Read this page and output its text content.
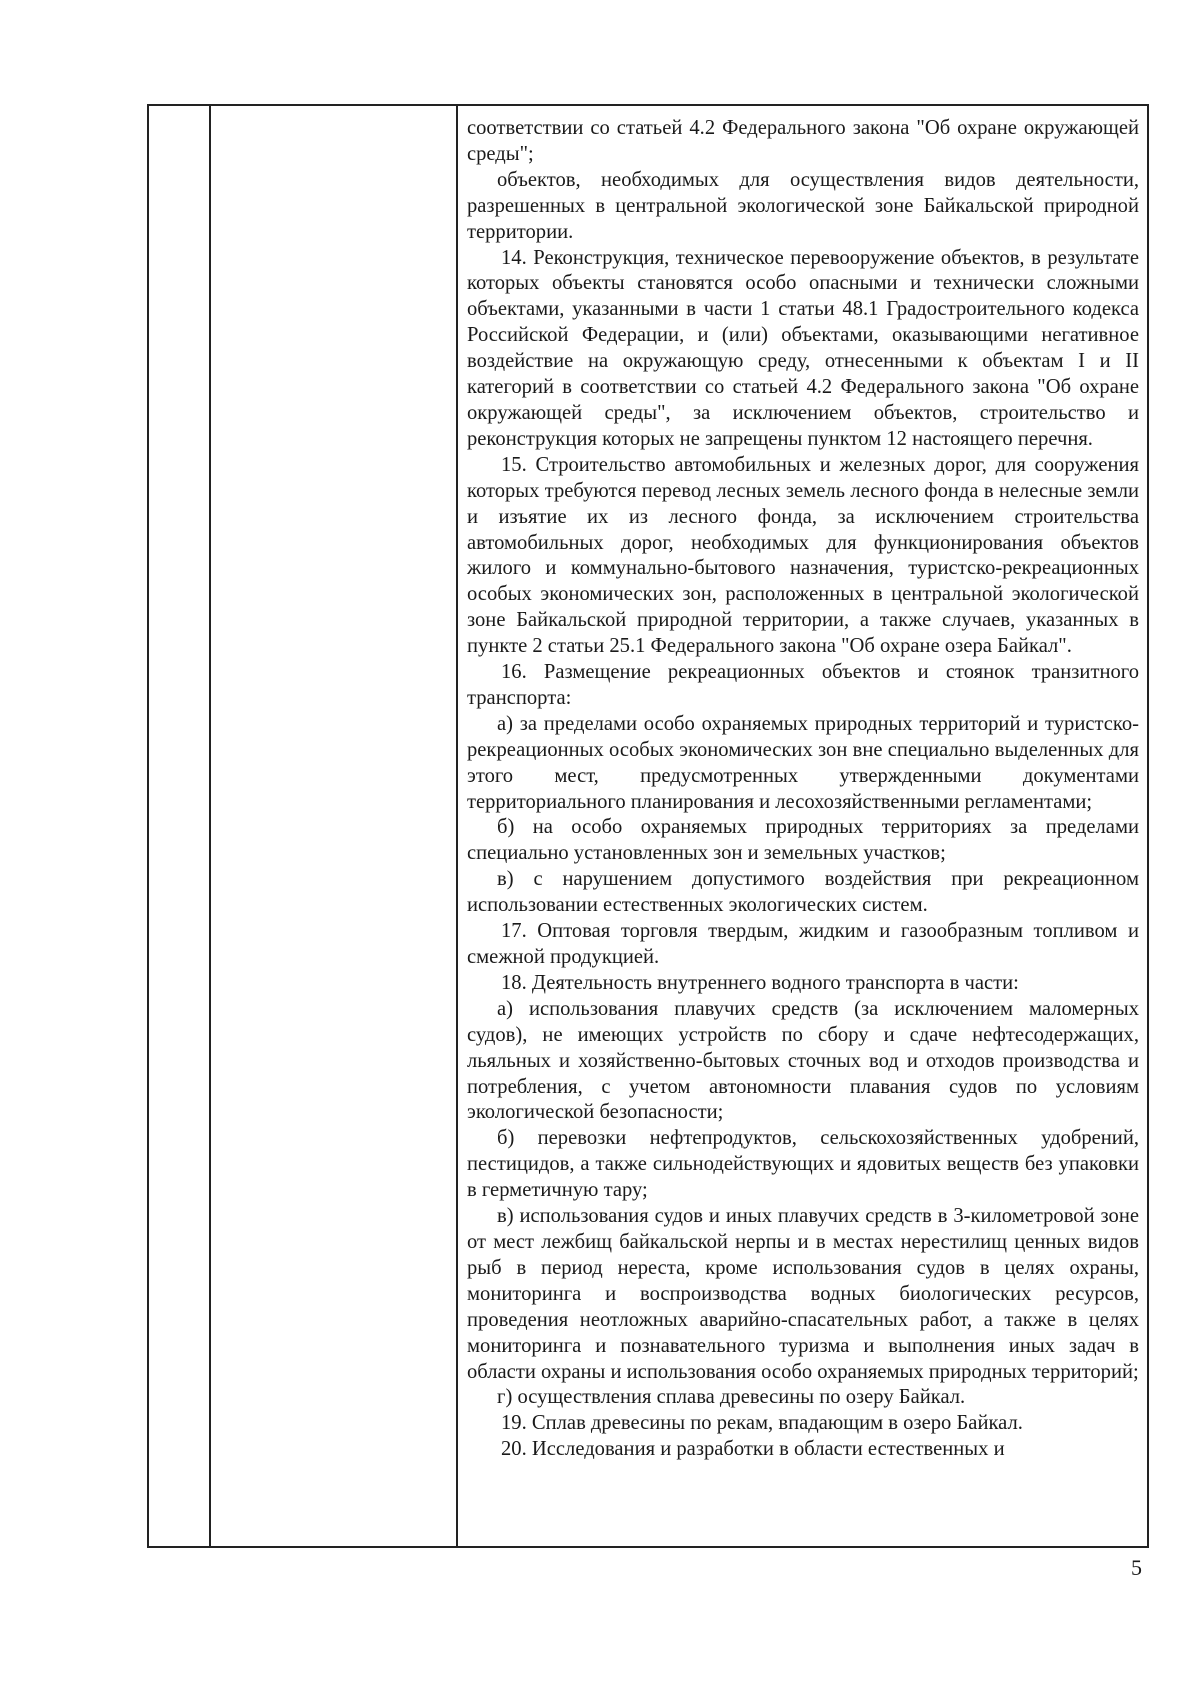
соответствии со статьей 4.2 Федерального закона "Об охране окружающей среды";

объектов, необходимых для осуществления видов деятельности, разрешенных в центральной экологической зоне Байкальской природной территории.

14. Реконструкция, техническое перевооружение объектов, в результате которых объекты становятся особо опасными и технически сложными объектами, указанными в части 1 статьи 48.1 Градостроительного кодекса Российской Федерации, и (или) объектами, оказывающими негативное воздействие на окружающую среду, отнесенными к объектам I и II категорий в соответствии со статьей 4.2 Федерального закона "Об охране окружающей среды", за исключением объектов, строительство и реконструкция которых не запрещены пунктом 12 настоящего перечня.

15. Строительство автомобильных и железных дорог, для сооружения которых требуются перевод лесных земель лесного фонда в нелесные земли и изъятие их из лесного фонда, за исключением строительства автомобильных дорог, необходимых для функционирования объектов жилого и коммунально-бытового назначения, туристско-рекреационных особых экономических зон, расположенных в центральной экологической зоне Байкальской природной территории, а также случаев, указанных в пункте 2 статьи 25.1 Федерального закона "Об охране озера Байкал".

16. Размещение рекреационных объектов и стоянок транзитного транспорта:

а) за пределами особо охраняемых природных территорий и туристско-рекреационных особых экономических зон вне специально выделенных для этого мест, предусмотренных утвержденными документами территориального планирования и лесохозяйственными регламентами;

б) на особо охраняемых природных территориях за пределами специально установленных зон и земельных участков;

в) с нарушением допустимого воздействия при рекреационном использовании естественных экологических систем.

17. Оптовая торговля твердым, жидким и газообразным топливом и смежной продукцией.

18. Деятельность внутреннего водного транспорта в части:

а) использования плавучих средств (за исключением маломерных судов), не имеющих устройств по сбору и сдаче нефтесодержащих, льяльных и хозяйственно-бытовых сточных вод и отходов производства и потребления, с учетом автономности плавания судов по условиям экологической безопасности;

б) перевозки нефтепродуктов, сельскохозяйственных удобрений, пестицидов, а также сильнодействующих и ядовитых веществ без упаковки в герметичную тару;

в) использования судов и иных плавучих средств в 3-километровой зоне от мест лежбищ байкальской нерпы и в местах нерестилищ ценных видов рыб в период нереста, кроме использования судов в целях охраны, мониторинга и воспроизводства водных биологических ресурсов, проведения неотложных аварийно-спасательных работ, а также в целях мониторинга и познавательного туризма и выполнения иных задач в области охраны и использования особо охраняемых природных территорий;

г) осуществления сплава древесины по озеру Байкал.

19. Сплав древесины по рекам, впадающим в озеро Байкал.

20. Исследования и разработки в области естественных и

5
